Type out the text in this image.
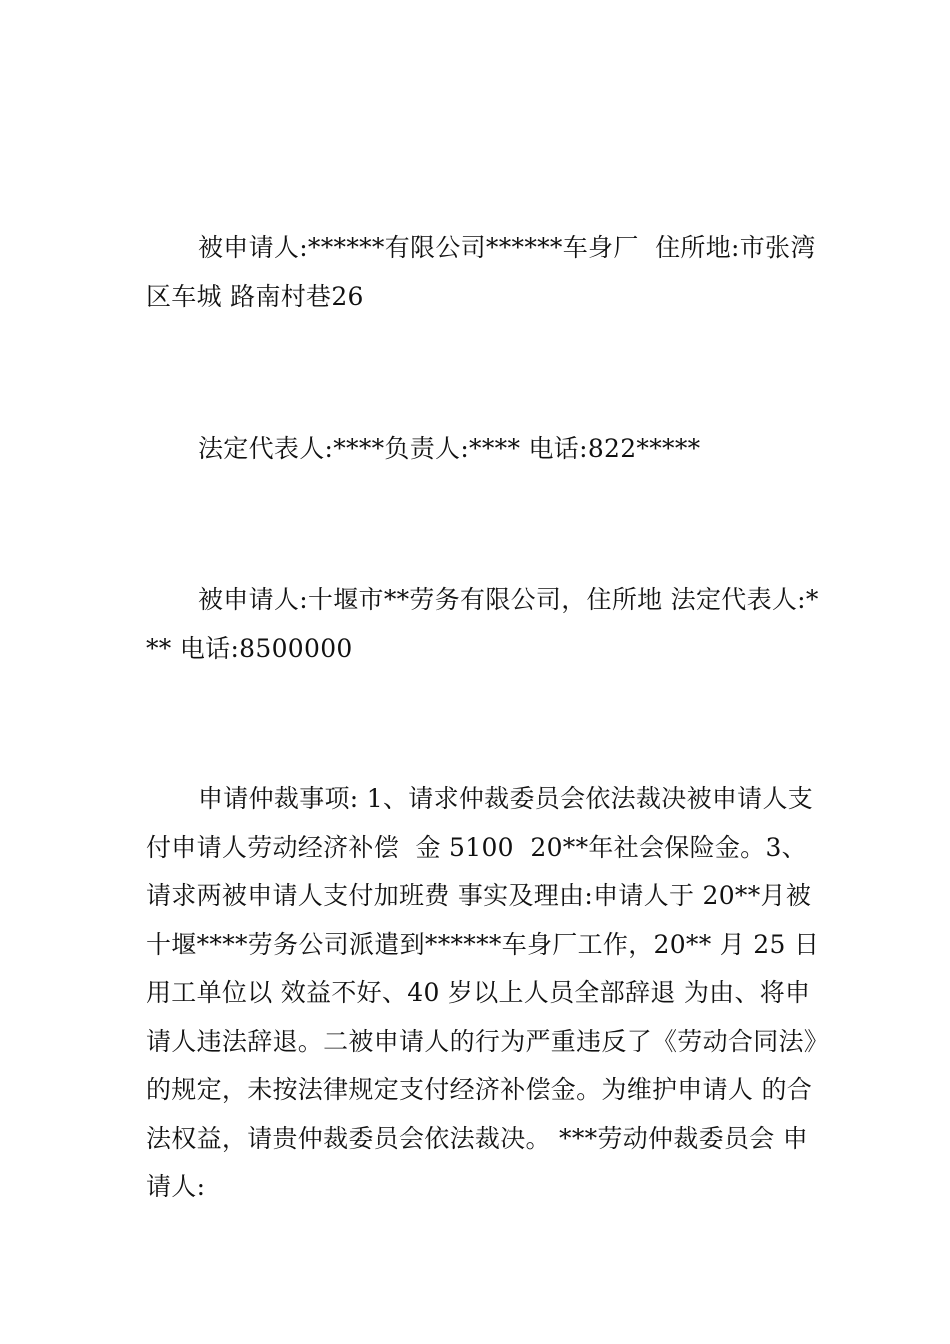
被申请人:******有限公司******车身厂  住所地:市张湾区车城 路南村巷26
法定代表人:****负责人:**** 电话:822*****
被申请人:十堰市**劳务有限公司，住所地 法定代表人:*** 电话:8500000
申请仲裁事项: 1、请求仲裁委员会依法裁决被申请人支付申请人劳动经济补偿  金 5100  20**年社会保险金。3、请求两被申请人支付加班费 事实及理由:申请人于 20**月被十堰****劳务公司派遣到******车身厂工作，20** 月 25 日用工单位以 效益不好、40 岁以上人员全部辞退 为由、将申请人违法辞退。二被申请人的行为严重违反了《劳动合同法》的规定，未按法律规定支付经济补偿金。为维护申请人 的合法权益，请贵仲裁委员会依法裁决。 ***劳动仲裁委员会 申请人:
